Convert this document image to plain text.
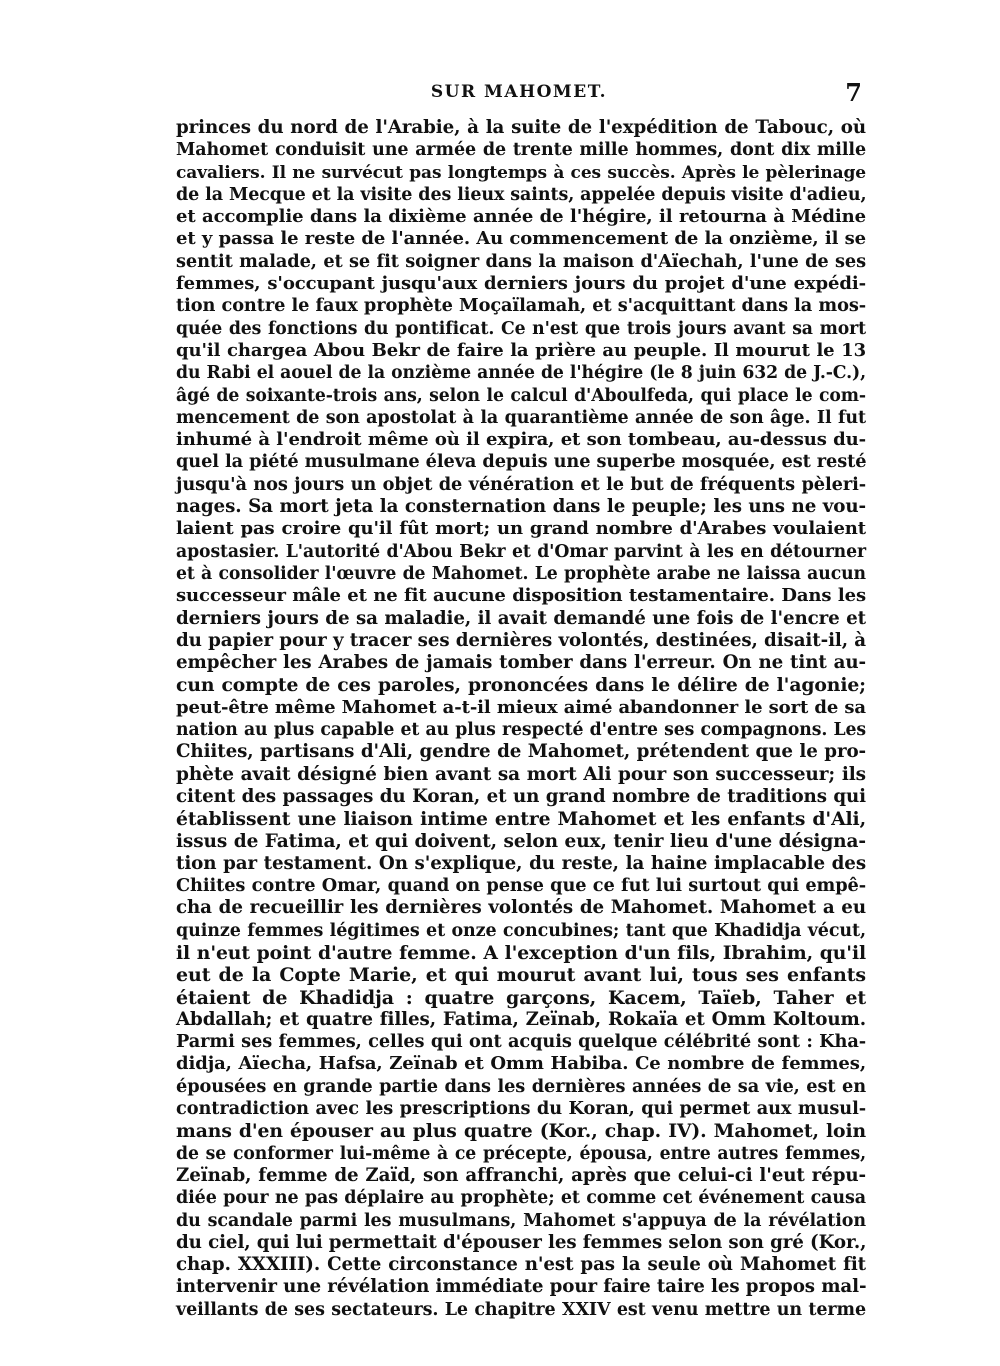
SUR MAHOMET.	7
princes du nord de l'Arabie, à la suite de l'expédition de Tabouc, où
Mahomet conduisit une armée de trente mille hommes, dont dix mille
cavaliers. Il ne survécut pas longtemps à ces succès. Après le pèlerinage
de la Mecque et la visite des lieux saints, appelée depuis visite d'adieu,
et accomplie dans la dixième année de l'hégire, il retourna à Médine
et y passa le reste de l'année. Au commencement de la onzième, il se
sentit malade, et se fit soigner dans la maison d'Aïechah, l'une de ses
femmes, s'occupant jusqu'aux derniers jours du projet d'une expédi-
tion contre le faux prophète Moçaïlamah, et s'acquittant dans la mos-
quée des fonctions du pontificat. Ce n'est que trois jours avant sa mort
qu'il chargea Abou Bekr de faire la prière au peuple. Il mourut le 13
du Rabi el aouel de la onzième année de l'hégire (le 8 juin 632 de J.-C.),
âgé de soixante-trois ans, selon le calcul d'Aboulfeda, qui place le com-
mencement de son apostolat à la quarantième année de son âge. Il fut
inhumé à l'endroit même où il expira, et son tombeau, au-dessus du-
quel la piété musulmane éleva depuis une superbe mosquée, est resté
jusqu'à nos jours un objet de vénération et le but de fréquents pèleri-
nages. Sa mort jeta la consternation dans le peuple; les uns ne vou-
laient pas croire qu'il fût mort; un grand nombre d'Arabes voulaient
apostasier. L'autorité d'Abou Bekr et d'Omar parvint à les en détourner
et à consolider l'œuvre de Mahomet. Le prophète arabe ne laissa aucun
successeur mâle et ne fit aucune disposition testamentaire. Dans les
derniers jours de sa maladie, il avait demandé une fois de l'encre et
du papier pour y tracer ses dernières volontés, destinées, disait-il, à
empêcher les Arabes de jamais tomber dans l'erreur. On ne tint au-
cun compte de ces paroles, prononcées dans le délire de l'agonie;
peut-être même Mahomet a-t-il mieux aimé abandonner le sort de sa
nation au plus capable et au plus respecté d'entre ses compagnons. Les
Chiites, partisans d'Ali, gendre de Mahomet, prétendent que le pro-
phète avait désigné bien avant sa mort Ali pour son successeur; ils
citent des passages du Koran, et un grand nombre de traditions qui
établissent une liaison intime entre Mahomet et les enfants d'Ali,
issus de Fatima, et qui doivent, selon eux, tenir lieu d'une désigna-
tion par testament. On s'explique, du reste, la haine implacable des
Chiites contre Omar, quand on pense que ce fut lui surtout qui empê-
cha de recueillir les dernières volontés de Mahomet. Mahomet a eu
quinze femmes légitimes et onze concubines; tant que Khadidja vécut,
il n'eut point d'autre femme. A l'exception d'un fils, Ibrahim, qu'il
eut de la Copte Marie, et qui mourut avant lui, tous ses enfants
étaient de Khadidja : quatre garçons, Kacem, Taïeb, Taher et
Abdallah; et quatre filles, Fatima, Zeïnab, Rokaïa et Omm Koltoum.
Parmi ses femmes, celles qui ont acquis quelque célébrité sont : Kha-
didja, Aïecha, Hafsa, Zeïnab et Omm Habiba. Ce nombre de femmes,
épousées en grande partie dans les dernières années de sa vie, est en
contradiction avec les prescriptions du Koran, qui permet aux musul-
mans d'en épouser au plus quatre (Kor., chap. IV). Mahomet, loin
de se conformer lui-même à ce précepte, épousa, entre autres femmes,
Zeïnab, femme de Zaïd, son affranchi, après que celui-ci l'eut répu-
diée pour ne pas déplaire au prophète; et comme cet événement causa
du scandale parmi les musulmans, Mahomet s'appuya de la révélation
du ciel, qui lui permettait d'épouser les femmes selon son gré (Kor.,
chap. XXXIII). Cette circonstance n'est pas la seule où Mahomet fit
intervenir une révélation immédiate pour faire taire les propos mal-
veillants de ses sectateurs. Le chapitre XXIV est venu mettre un terme
